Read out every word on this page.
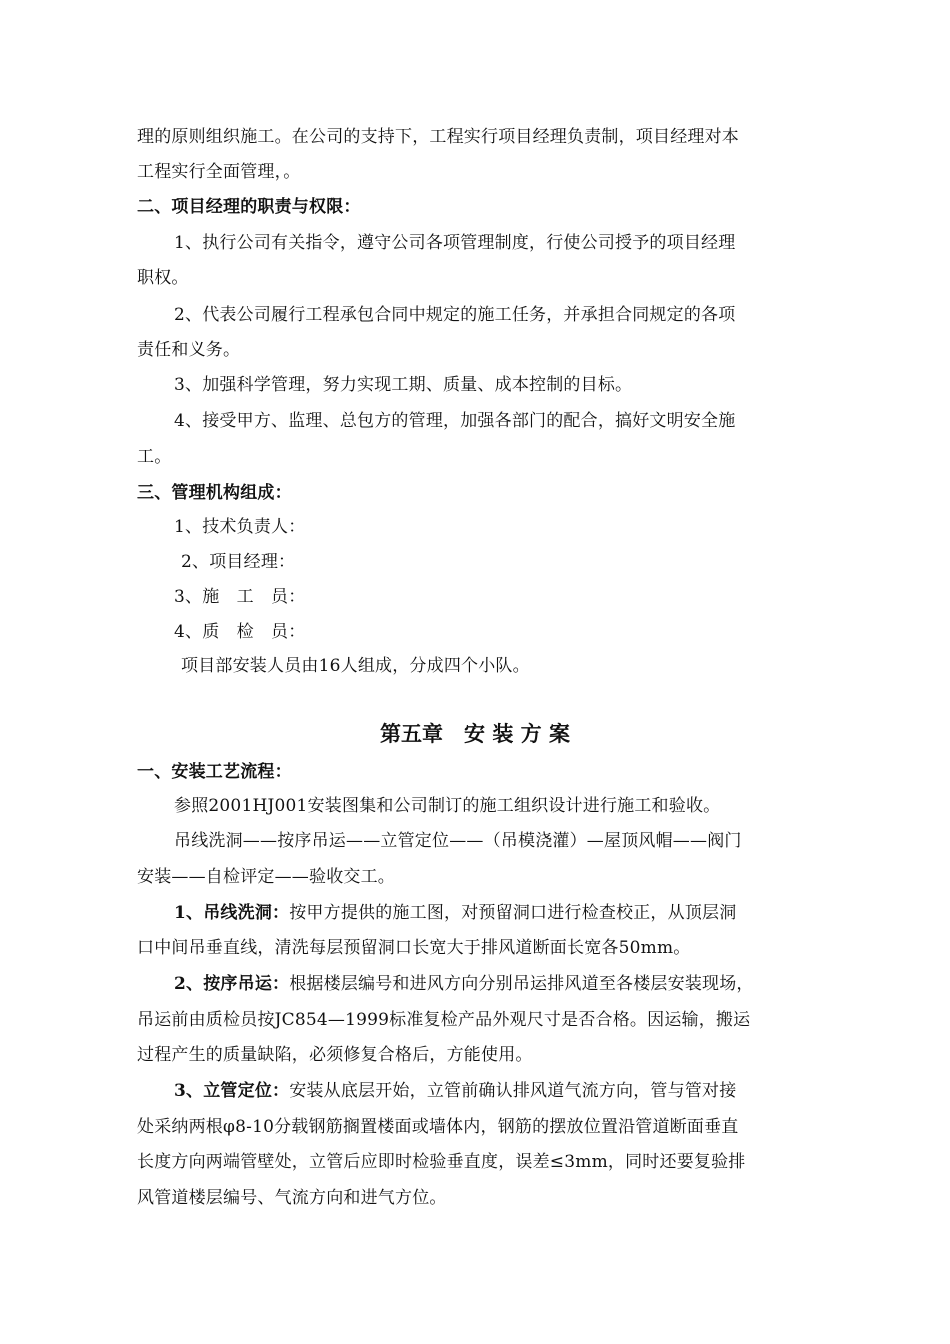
理的原则组织施工。在公司的支持下，工程实行项目经理负责制，项目经理对本
工程实行全面管理，。
二、项目经理的职责与权限：
1、执行公司有关指令，遵守公司各项管理制度，行使公司授予的项目经理
职权。
2、代表公司履行工程承包合同中规定的施工任务，并承担合同规定的各项
责任和义务。
3、加强科学管理，努力实现工期、质量、成本控制的目标。
4、接受甲方、监理、总包方的管理，加强各部门的配合，搞好文明安全施
工。
三、管理机构组成：
1、技术负责人：
2、项目经理：
3、施　工　员：
4、质　检　员：
项目部安装人员由16人组成，分成四个小队。
第五章　安 装 方 案
一、安装工艺流程：
参照2001HJ001安装图集和公司制订的施工组织设计进行施工和验收。
吊线洗洞——按序吊运——立管定位——（吊模浇灌）—屋顶风帽——阀门
安装——自检评定——验收交工。
1、吊线洗洞：按甲方提供的施工图，对预留洞口进行检查校正，从顶层洞
口中间吊垂直线，清洗每层预留洞口长宽大于排风道断面长宽各50mm。
2、按序吊运：根据楼层编号和进风方向分别吊运排风道至各楼层安装现场，
吊运前由质检员按JC854—1999标准复检产品外观尺寸是否合格。因运输，搬运
过程产生的质量缺陷，必须修复合格后，方能使用。
3、立管定位：安装从底层开始，立管前确认排风道气流方向，管与管对接
处采纳两根φ8-10分载钢筋搁置楼面或墙体内，钢筋的摆放位置沿管道断面垂直
长度方向两端管壁处，立管后应即时检验垂直度，误差≤3mm，同时还要复验排
风管道楼层编号、气流方向和进气方位。
